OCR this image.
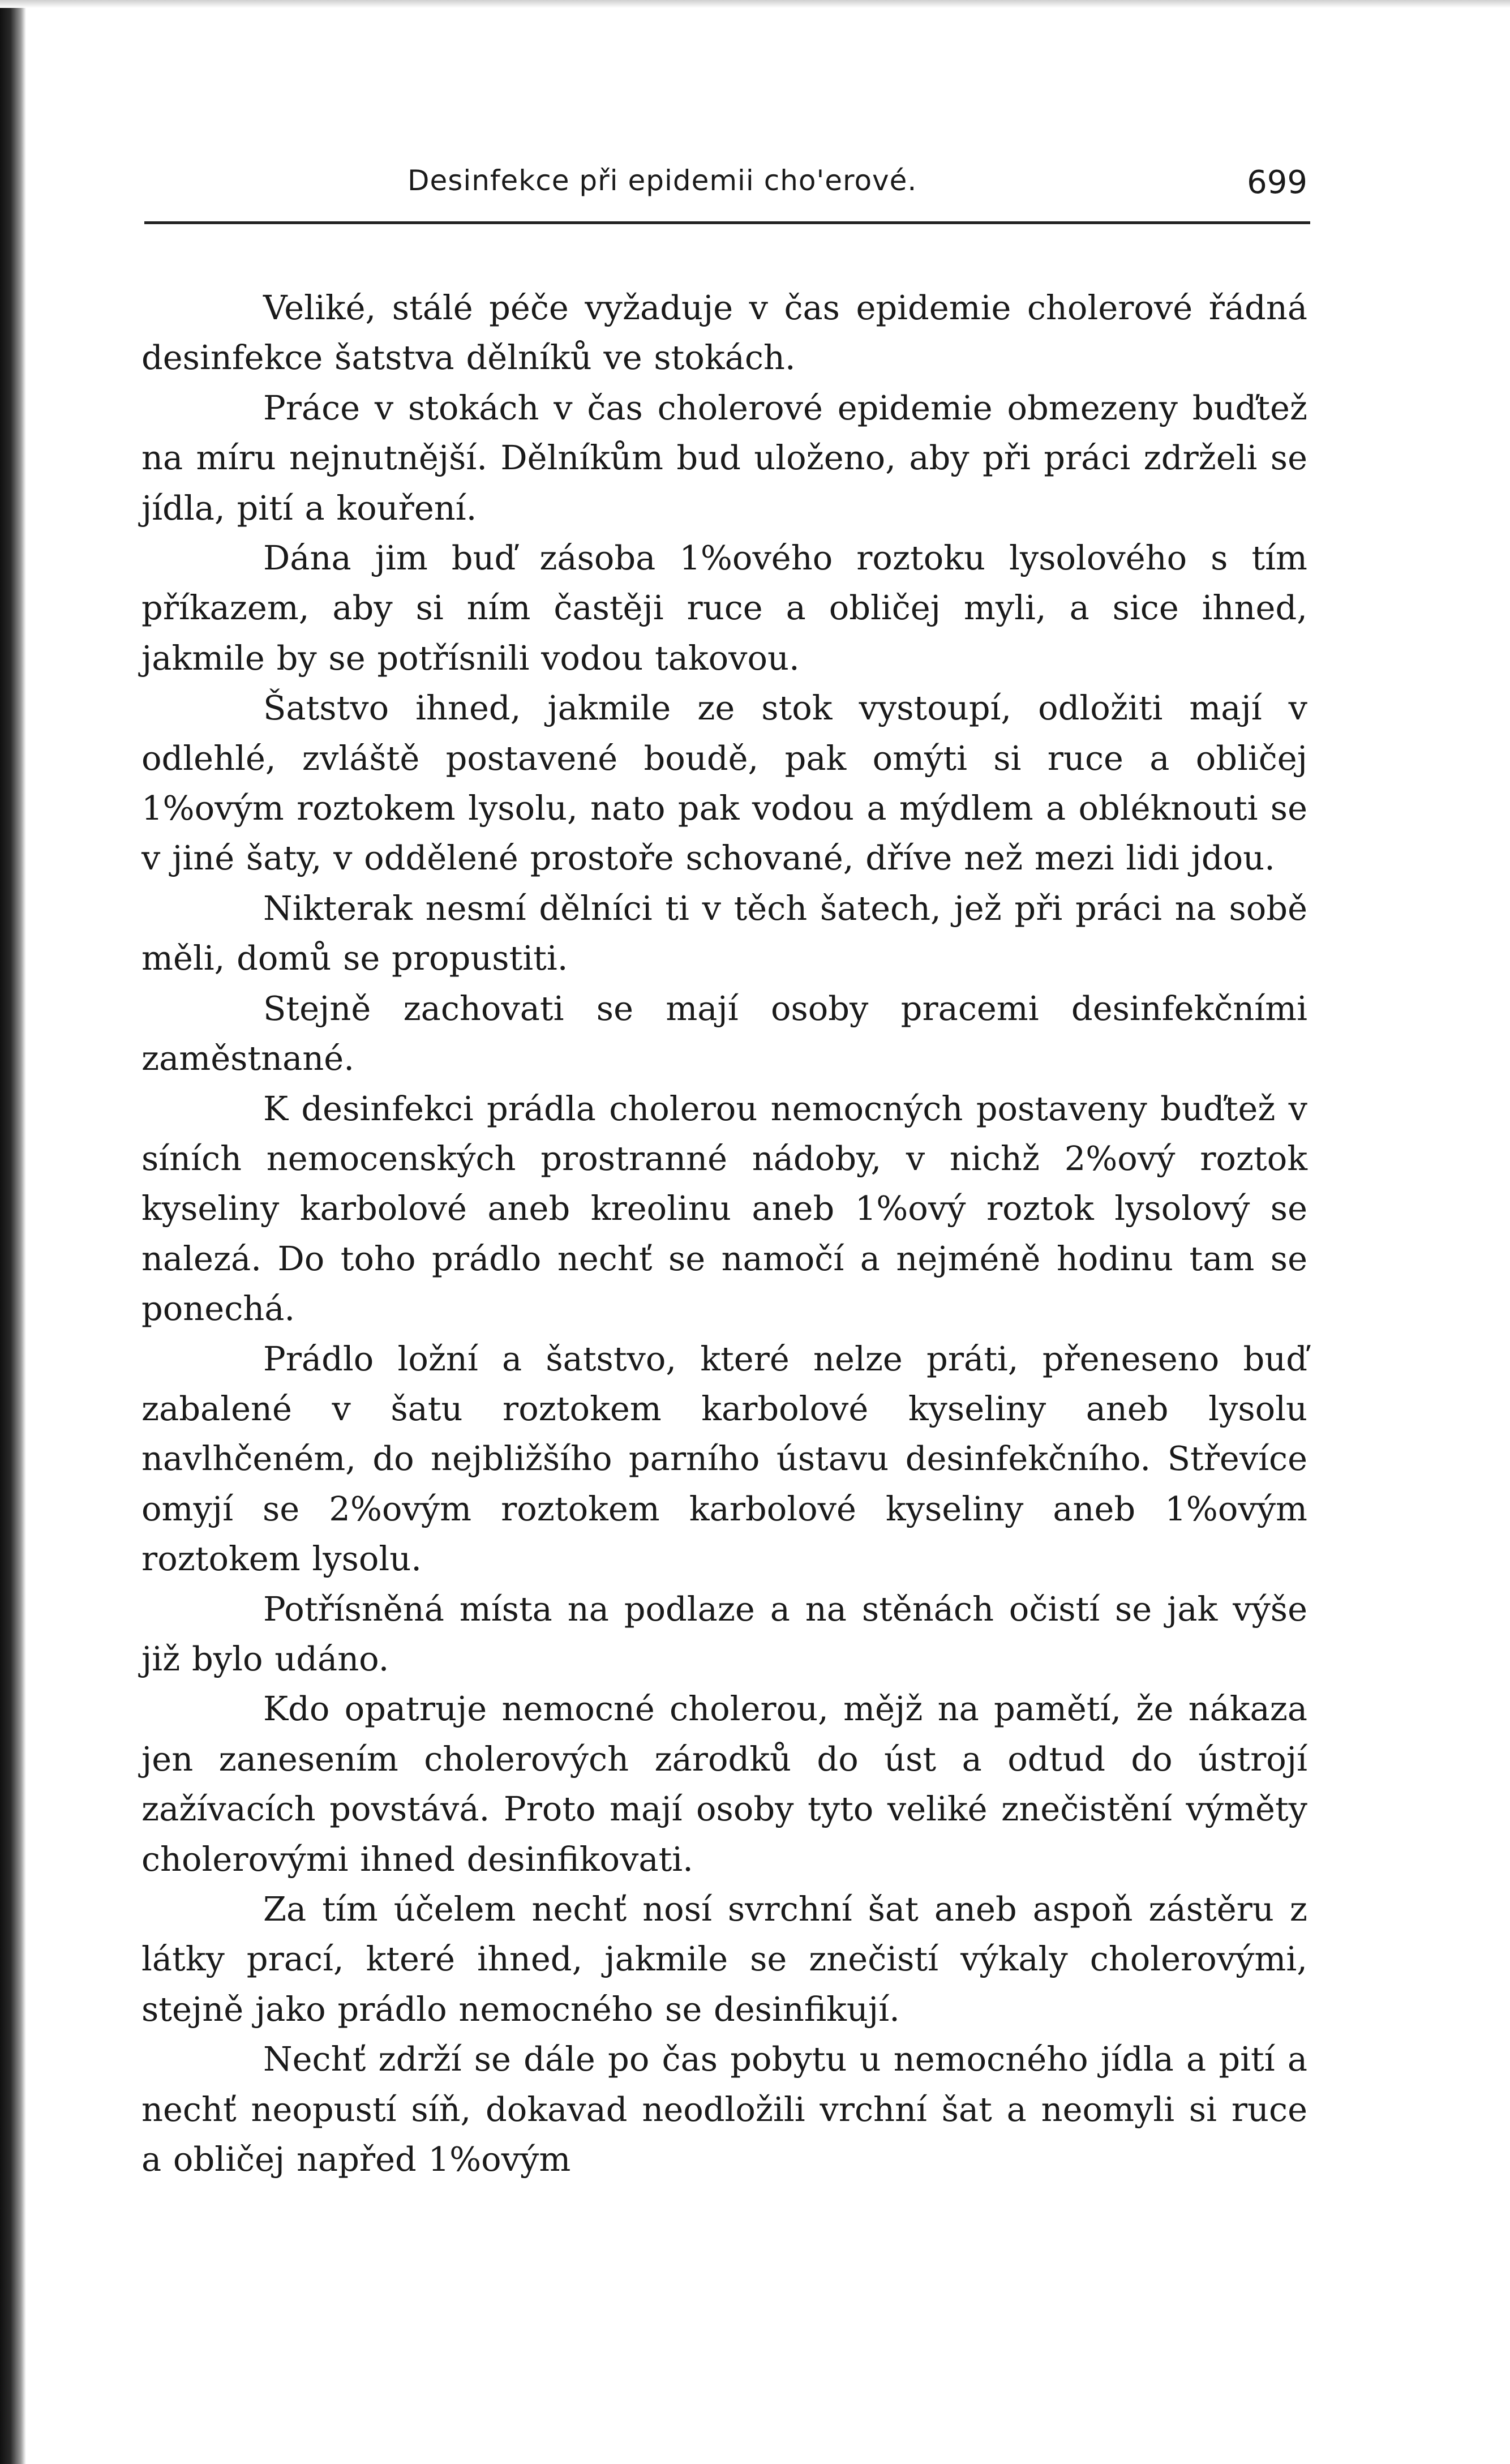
Desinfekce při epidemii cho'erové.	699

Veliké, stálé péče vyžaduje v čas epidemie cholerové řádná desinfekce šatstva dělníků ve stokách.

Práce v stokách v čas cholerové epidemie obmezeny buďtež na míru nejnutnější. Dělníkům bud uloženo, aby při práci zdrželi se jídla, pití a kouření.

Dána jim buď zásoba 1%ového roztoku lysolového s tím příkazem, aby si ním častěji ruce a obličej myli, a sice ihned, jakmile by se potřísnili vodou takovou.

Šatstvo ihned, jakmile ze stok vystoupí, odložiti mají v odlehlé, zvláště postavené boudě, pak omýti si ruce a obličej 1%ovým roztokem lysolu, nato pak vodou a mýdlem a obléknouti se v jiné šaty, v oddělené prostoře schované, dříve než mezi lidi jdou.

Nikterak nesmí dělníci ti v těch šatech, jež při práci na sobě měli, domů se propustiti.

Stejně zachovati se mají osoby pracemi desinfekčními zaměstnané.

K desinfekci prádla cholerou nemocných postaveny buďtež v síních nemocenských prostranné nádoby, v nichž 2%ový roztok kyseliny karbolové aneb kreolinu aneb 1%ový roztok lysolový se nalezá. Do toho prádlo nechť se namočí a nejméně hodinu tam se ponechá.

Prádlo ložní a šatstvo, které nelze práti, přeneseno buď zabalené v šatu roztokem karbolové kyseliny aneb lysolu navlhčeném, do nejbližšího parního ústavu desinfekčního. Střevíce omyjí se 2%ovým roztokem karbolové kyseliny aneb 1%ovým roztokem lysolu.

Potřísněná místa na podlaze a na stěnách očistí se jak výše již bylo udáno.

Kdo opatruje nemocné cholerou, mějž na pamětí, že nákaza jen zanesením cholerových zárodků do úst a odtud do ústrojí zažívacích povstává. Proto mají osoby tyto veliké znečistění výměty cholerovými ihned desinfikovati.

Za tím účelem nechť nosí svrchní šat aneb aspoň zástěru z látky prací, které ihned, jakmile se znečistí výkaly cholerovými, stejně jako prádlo nemocného se desinfikují.

Nechť zdrží se dále po čas pobytu u nemocného jídla a pití a nechť neopustí síň, dokavad neodložili vrchní šat a neomyli si ruce a obličej napřed 1%ovým
